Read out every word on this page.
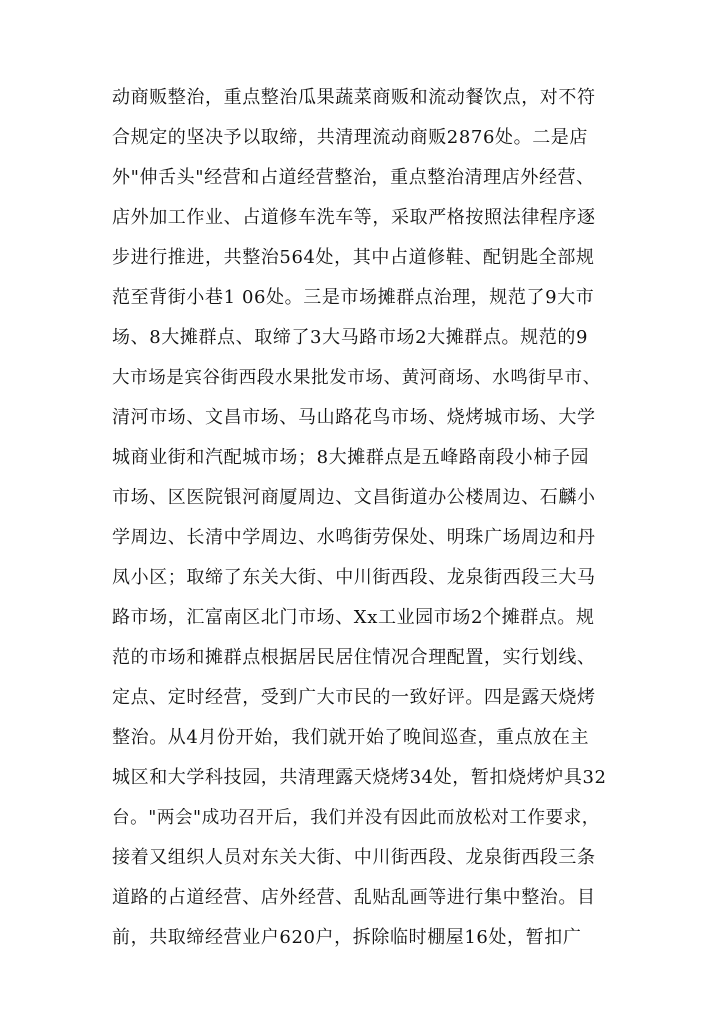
动商贩整治，重点整治瓜果蔬菜商贩和流动餐饮点，对不符
合规定的坚决予以取缔，共清理流动商贩2876处。二是店
外"伸舌头"经营和占道经营整治，重点整治清理店外经营、
店外加工作业、占道修车洗车等，采取严格按照法律程序逐
步进行推进，共整治564处，其中占道修鞋、配钥匙全部规
范至背街小巷1 06处。三是市场摊群点治理，规范了9大市
场、8大摊群点、取缔了3大马路市场2大摊群点。规范的9
大市场是宾谷街西段水果批发市场、黄河商场、水鸣街早市、
清河市场、文昌市场、马山路花鸟市场、烧烤城市场、大学
城商业街和汽配城市场；8大摊群点是五峰路南段小柿子园
市场、区医院银河商厦周边、文昌街道办公楼周边、石麟小
学周边、长清中学周边、水鸣街劳保处、明珠广场周边和丹
凤小区；取缔了东关大街、中川街西段、龙泉街西段三大马
路市场，汇富南区北门市场、Xx工业园市场2个摊群点。规
范的市场和摊群点根据居民居住情况合理配置，实行划线、
定点、定时经营，受到广大市民的一致好评。四是露天烧烤
整治。从4月份开始，我们就开始了晚间巡查，重点放在主
城区和大学科技园，共清理露天烧烤34处，暂扣烧烤炉具32
台。"两会"成功召开后，我们并没有因此而放松对工作要求，
接着又组织人员对东关大街、中川街西段、龙泉街西段三条
道路的占道经营、店外经营、乱贴乱画等进行集中整治。目
前，共取缔经营业户620户，拆除临时棚屋16处，暂扣广
